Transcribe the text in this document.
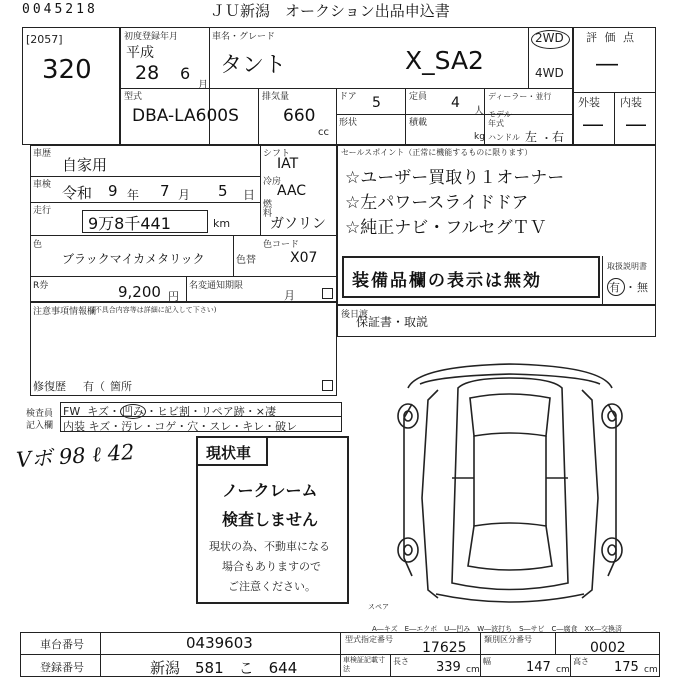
0045218	ＪＵ新潟　オークション出品申込書
[2057]
320
初度登録年月
平成
28 6
月
車名・グレード
タント	X_SA2
2WD
4WD
評 価 点
―
外装 内装
― ―
型式
DBA-LA600S
排気量
660
cc
ドア 5	定員 4
人
ディーラー・並行
モデル年式
形状	積載
kg ハンドル 左 ・ 右
車歴
自家用
車検 令和 9 年 7 月 5 日
走行
9万8千441	km
シフト
IAT
冷房
AAC
燃料
ガソリン
色
ブラックマイカメタリック	色替
色コード
X07
R券	9,200 円
名変通知期限
月
セールスポイント（正常に機能するものに限ります）
☆ユーザー買取り１オーナー
☆左パワースライドドア
☆純正ナビ・フルセグＴＶ
装備品欄の表示は無効
取扱説明書
有 ・ 無
注意事項情報欄
(不具合内容等は詳細に記入して下さい)
修復歴 有（ 箇所
後日渡
保証書・取説
検査員
記入欄
FW キズ・ 凹み ・ヒビ割・リペア跡・×凄
内装 キズ・汚レ・コゲ・穴・スレ・キレ・破レ
Vボ 98 ℓ 42	現状車
ノークレーム
検査しません
現状の為、不動車になる
場合もありますので
ご注意ください。
スペア
A―キズ　E―エクボ　U―凹み　W―波打ち　S―サビ　C―腐食　XX―交換済
車台番号	0439603
登録番号	新潟　581　こ　644
型式指定番号
17625
類別区分番号
0002
車検証記載寸法
長さ 339 cm
幅	147 cm
高さ 175 cm
